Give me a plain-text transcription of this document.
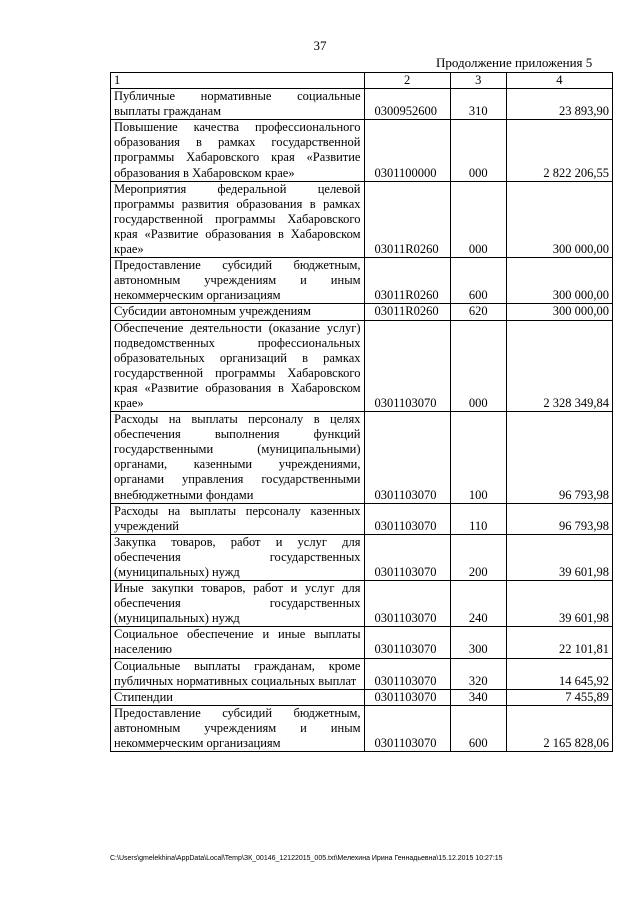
37
Продолжение приложения 5
1	2	3	4
Публичные нормативные социальные выплаты гражданам	0300952600	310	23 893,90
Повышение качества профессионального образования в рамках государственной программы Хабаровского края «Развитие образования в Хабаровском крае»	0301100000	000	2 822 206,55
Мероприятия федеральной целевой программы развития образования в рамках государственной программы Хабаровского края «Развитие образования в Хабаровском крае»	03011R0260	000	300 000,00
Предоставление субсидий бюджетным, автономным учреждениям и иным некоммерческим организациям	03011R0260	600	300 000,00
Субсидии автономным учреждениям	03011R0260	620	300 000,00
Обеспечение деятельности (оказание услуг) подведомственных профессиональных образовательных организаций в рамках государственной программы Хабаровского края «Развитие образования в Хабаровском крае»	0301103070	000	2 328 349,84
Расходы на выплаты персоналу в целях обеспечения выполнения функций государственными (муниципальными) органами, казенными учреждениями, органами управления государственными внебюджетными фондами	0301103070	100	96 793,98
Расходы на выплаты персоналу казенных учреждений	0301103070	110	96 793,98
Закупка товаров, работ и услуг для обеспечения государственных (муниципальных) нужд	0301103070	200	39 601,98
Иные закупки товаров, работ и услуг для обеспечения государственных (муниципальных) нужд	0301103070	240	39 601,98
Социальное обеспечение и иные выплаты населению	0301103070	300	22 101,81
Социальные выплаты гражданам, кроме публичных нормативных социальных выплат	0301103070	320	14 645,92
Стипендии	0301103070	340	7 455,89
Предоставление субсидий бюджетным, автономным учреждениям и иным некоммерческим организациям	0301103070	600	2 165 828,06
C:\Users\gmelekhina\AppData\Local\Temp\ЗК_00146_12122015_005.txt\Мелехина Ирина Геннадьевна\15.12.2015 10:27:15
